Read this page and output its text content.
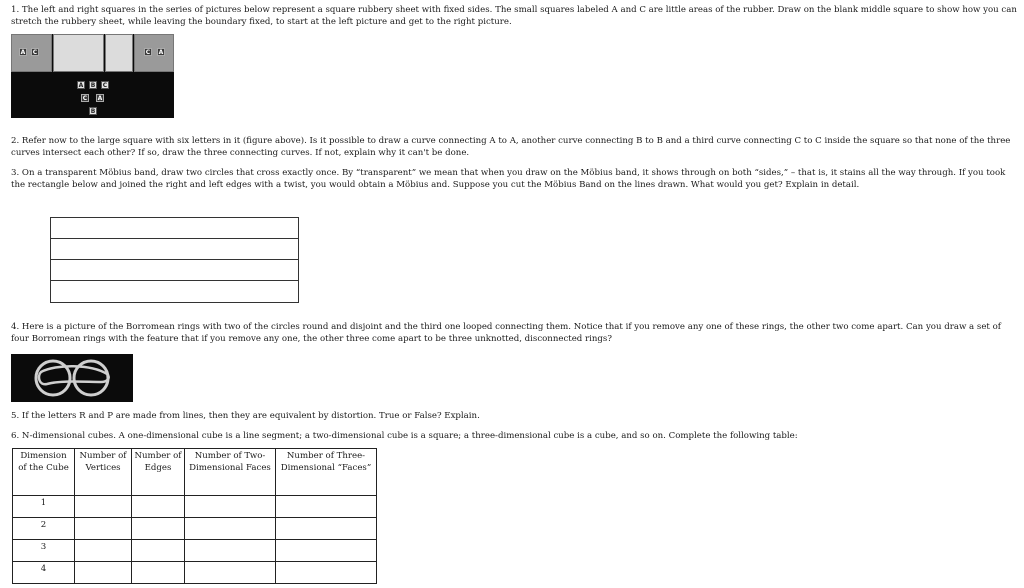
1. The left and right squares in the series of pictures below represent a square rubbery sheet with fixed sides. The small squares labeled A and C are little areas of the rubber. Draw on the blank middle square to show how you can stretch the rubbery sheet, while leaving the boundary fixed, to start at the left picture and get to the right picture.

A C	C A
A B C
C A
B

2. Refer now to the large square with six letters in it (figure above). Is it possible to draw a curve connecting A to A, another curve connecting B to B and a third curve connecting C to C inside the square so that none of the three curves intersect each other? If so, draw the three connecting curves. If not, explain why it can't be done.

3. On a transparent Möbius band, draw two circles that cross exactly once. By “transparent” we mean that when you draw on the Möbius band, it shows through on both “sides,” – that is, it stains all the way through. If you took the rectangle below and joined the right and left edges with a twist, you would obtain a Möbius and. Suppose you cut the Möbius Band on the lines drawn. What would you get? Explain in detail.

4. Here is a picture of the Borromean rings with two of the circles round and disjoint and the third one looped connecting them. Notice that if you remove any one of these rings, the other two come apart. Can you draw a set of four Borromean rings with the feature that if you remove any one, the other three come apart to be three unknotted, disconnected rings?

5. If the letters R and P are made from lines, then they are equivalent by distortion. True or False? Explain.

6. N-dimensional cubes. A one-dimensional cube is a line segment; a two-dimensional cube is a square; a three-dimensional cube is a cube, and so on. Complete the following table:

Dimension of the Cube	Number of Vertices	Number of Edges	Number of Two-Dimensional Faces	Number of Three-Dimensional “Faces”
1				
2				
3				
4				
